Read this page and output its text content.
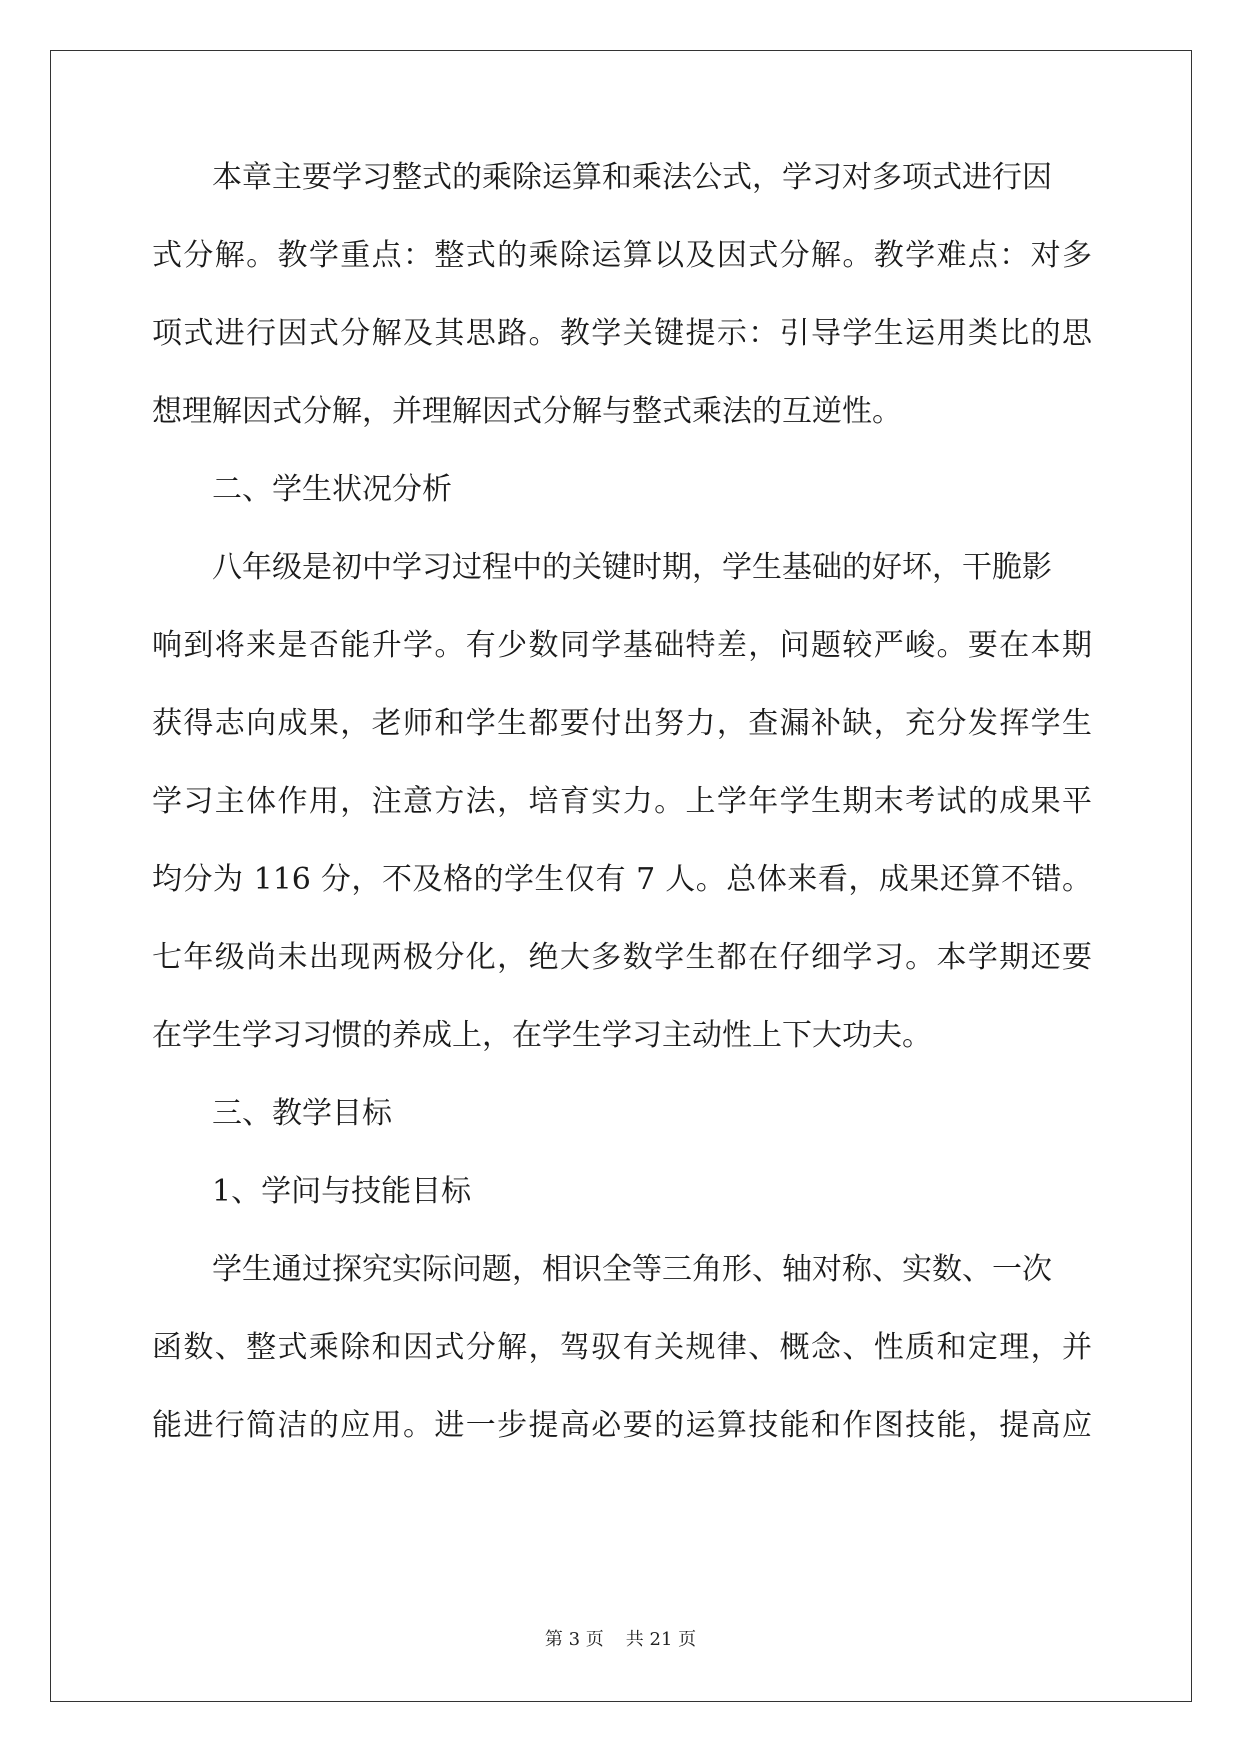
本章主要学习整式的乘除运算和乘法公式，学习对多项式进行因
式分解。教学重点：整式的乘除运算以及因式分解。教学难点：对多
项式进行因式分解及其思路。教学关键提示：引导学生运用类比的思
想理解因式分解，并理解因式分解与整式乘法的互逆性。
二、学生状况分析
八年级是初中学习过程中的关键时期，学生基础的好坏，干脆影
响到将来是否能升学。有少数同学基础特差，问题较严峻。要在本期
获得志向成果，老师和学生都要付出努力，查漏补缺，充分发挥学生
学习主体作用，注意方法，培育实力。上学年学生期末考试的成果平
均分为 116 分，不及格的学生仅有 7 人。总体来看，成果还算不错。
七年级尚未出现两极分化，绝大多数学生都在仔细学习。本学期还要
在学生学习习惯的养成上，在学生学习主动性上下大功夫。
三、教学目标
1、学问与技能目标
学生通过探究实际问题，相识全等三角形、轴对称、实数、一次
函数、整式乘除和因式分解，驾驭有关规律、概念、性质和定理，并
能进行简洁的应用。进一步提高必要的运算技能和作图技能，提高应
第 3 页 共 21 页
